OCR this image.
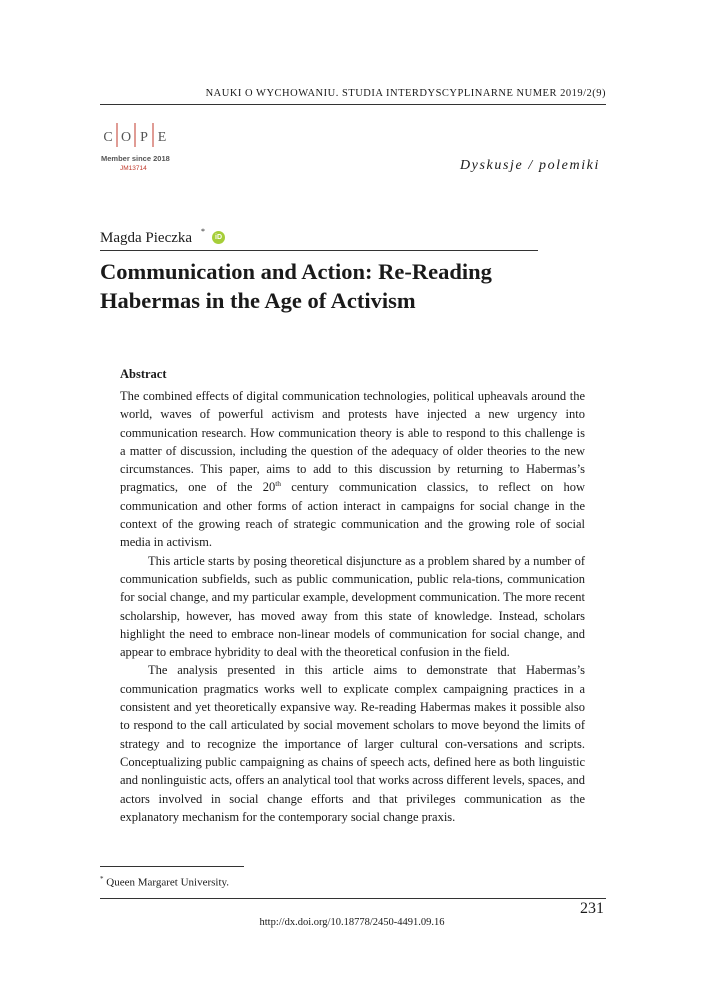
NAUKI O WYCHOWANIU. STUDIA INTERDYSCYPLINARNE NUMER 2019/2(9)
C O P E
Member since 2018
JM13714	Dyskusje / polemiki
Magda Pieczka *
iD
Communication and Action: Re-Reading
Habermas in the Age of Activism
Abstract

The combined effects of digital communication technologies, political upheavals around the world, waves of powerful activism and protests have injected a new urgency into communication research. How communication theory is able to respond to this challenge is a matter of discussion, including the question of the adequacy of older theories to the new circumstances. This paper, aims to add to this discussion by returning to Habermas’s pragmatics, one of the 20th century communication classics, to reflect on how communication and other forms of action interact in campaigns for social change in the context of the growing reach of strategic communication and the growing role of social media in activism.

This article starts by posing theoretical disjuncture as a problem shared by a number of communication subfields, such as public communication, public rela-tions, communication for social change, and my particular example, development communication. The more recent scholarship, however, has moved away from this state of knowledge. Instead, scholars highlight the need to embrace non-linear models of communication for social change, and appear to embrace hybridity to deal with the theoretical confusion in the field.

The analysis presented in this article aims to demonstrate that Habermas’s communication pragmatics works well to explicate complex campaigning practices in a consistent and yet theoretically expansive way. Re-reading Habermas makes it possible also to respond to the call articulated by social movement scholars to move beyond the limits of strategy and to recognize the importance of larger cultural con-versations and scripts. Conceptualizing public campaigning as chains of speech acts, defined here as both linguistic and nonlinguistic acts, offers an analytical tool that works across different levels, spaces, and actors involved in social change efforts and that privileges communication as the explanatory mechanism for the contemporary social change praxis.

* Queen Margaret University.
231
http://dx.doi.org/10.18778/2450-4491.09.16
